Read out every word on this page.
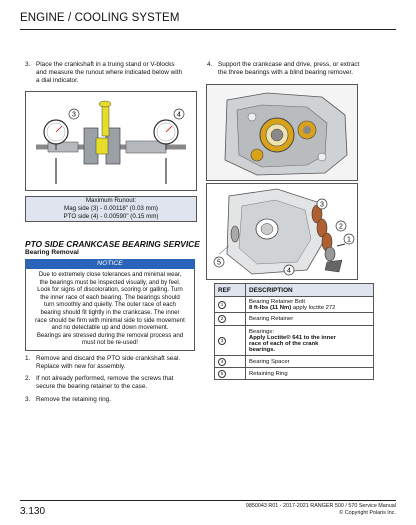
ENGINE / COOLING SYSTEM
3. Place the crankshaft in a truing stand or V-blocks
and measure the runout where indicated below with
a dial indicator.
3	4
Maximum Runout:
Mag side (3) - 0.00118" (0.03 mm)
PTO side (4) - 0.00590" (0.15 mm)
4. Support the crankcase and drive, press, or extract
the three bearings with a blind bearing remover.
3
2
1
5
4
PTO SIDE CRANKCASE BEARING SERVICE
Bearing Removal
NOTICE
Due to extremely close tolerances and minimal wear,
the bearings must be inspected visually, and by feel.
Look for signs of discoloration, scoring or galling. Turn
the inner race of each bearing. The bearings should
turn smoothly and quietly. The outer race of each
bearing should fit tightly in the crankcase. The inner
race should be firm with minimal side to side movement
and no detectable up and down movement.
Bearings are stressed during the removal process and
must not be re-used!
1. Remove and discard the PTO side crankshaft seal.
Replace with new for assembly.
2. If not already performed, remove the screws that
secure the bearing retainer to the case.
3. Remove the retaining ring.
REF	DESCRIPTION
1	Bearing Retainer Bolt
8 ft-lbs (11 Nm) apply loctite 272
2	Bearing Retainer
3	Bearings:
Apply Loctite® 641 to the inner
race of each of the crank
bearings.
4	Bearing Spacer
5	Retaining Ring
3.130	9850043 R01 - 2017-2021 RANGER 500 / 570 Service Manual
© Copyright Polaris Inc.
